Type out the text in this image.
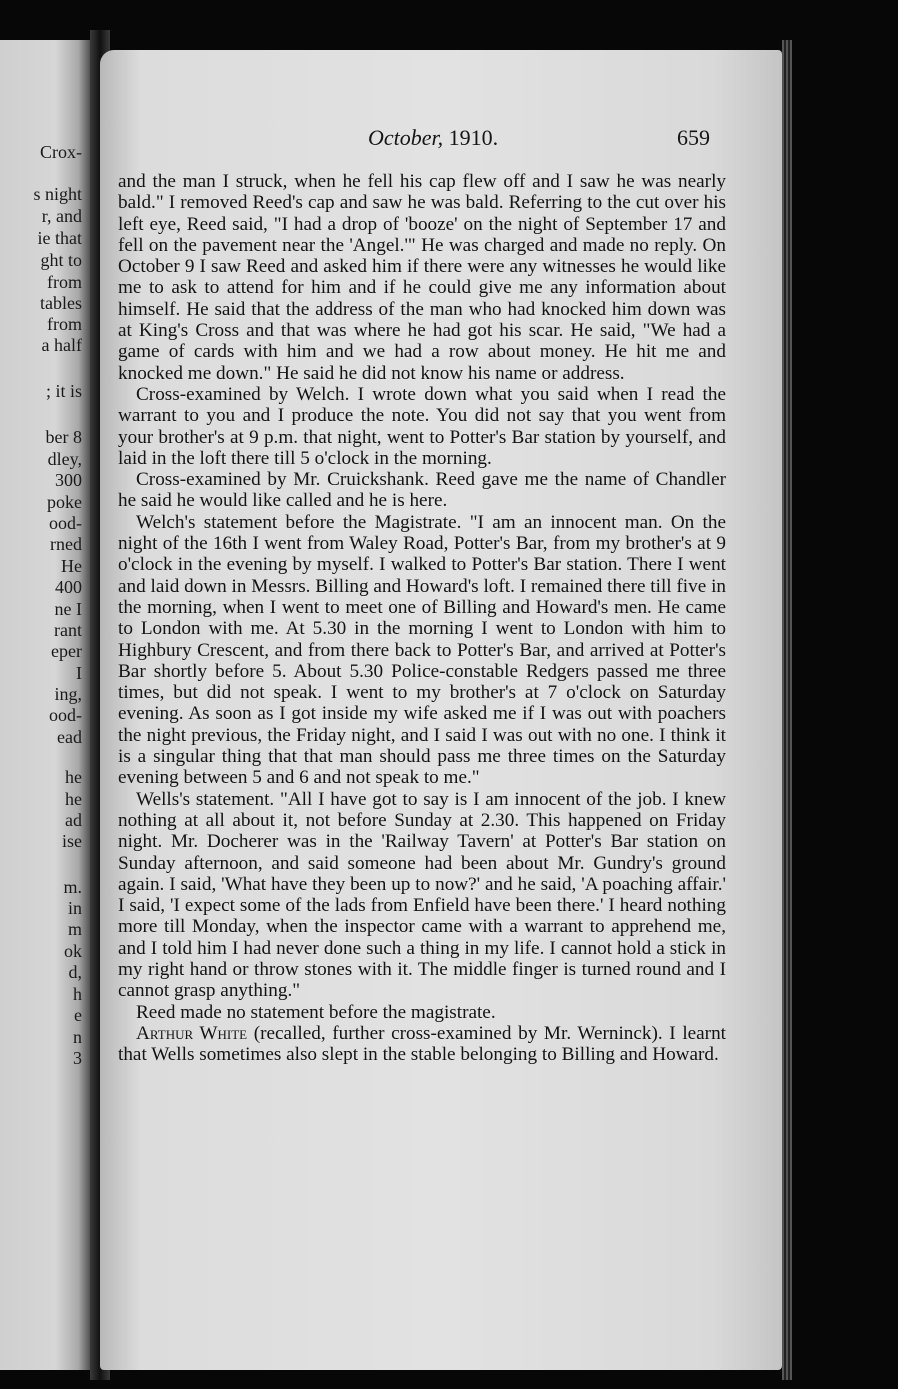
Crox-
s night
r, and
ie that
ght to
from
tables
from
a half
; it is
ber 8
dley,
300
poke
ood-
rned
He
400
ne I
rant
eper
I
ing,
ood-
ead
he
he
ad
ise
m.
in
m
ok
d,
h
e
n
3
October, 1910.	659

and the man I struck, when he fell his cap flew off and I saw he was nearly bald." I removed Reed's cap and saw he was bald. Referring to the cut over his left eye, Reed said, "I had a drop of 'booze' on the night of September 17 and fell on the pavement near the 'Angel.'" He was charged and made no reply. On October 9 I saw Reed and asked him if there were any witnesses he would like me to ask to attend for him and if he could give me any information about himself. He said that the address of the man who had knocked him down was at King's Cross and that was where he had got his scar. He said, "We had a game of cards with him and we had a row about money. He hit me and knocked me down." He said he did not know his name or address.

Cross-examined by Welch. I wrote down what you said when I read the warrant to you and I produce the note. You did not say that you went from your brother's at 9 p.m. that night, went to Potter's Bar station by yourself, and laid in the loft there till 5 o'clock in the morning.

Cross-examined by Mr. Cruickshank. Reed gave me the name of Chandler he said he would like called and he is here.

Welch's statement before the Magistrate. "I am an innocent man. On the night of the 16th I went from Waley Road, Potter's Bar, from my brother's at 9 o'clock in the evening by myself. I walked to Potter's Bar station. There I went and laid down in Messrs. Billing and Howard's loft. I remained there till five in the morning, when I went to meet one of Billing and Howard's men. He came to London with me. At 5.30 in the morning I went to London with him to Highbury Crescent, and from there back to Potter's Bar, and arrived at Potter's Bar shortly before 5. About 5.30 Police-constable Redgers passed me three times, but did not speak. I went to my brother's at 7 o'clock on Saturday evening. As soon as I got inside my wife asked me if I was out with poachers the night previous, the Friday night, and I said I was out with no one. I think it is a singular thing that that man should pass me three times on the Saturday evening between 5 and 6 and not speak to me."

Wells's statement. "All I have got to say is I am innocent of the job. I knew nothing at all about it, not before Sunday at 2.30. This happened on Friday night. Mr. Docherer was in the 'Railway Tavern' at Potter's Bar station on Sunday afternoon, and said someone had been about Mr. Gundry's ground again. I said, 'What have they been up to now?' and he said, 'A poaching affair.' I said, 'I expect some of the lads from Enfield have been there.' I heard nothing more till Monday, when the inspector came with a warrant to apprehend me, and I told him I had never done such a thing in my life. I cannot hold a stick in my right hand or throw stones with it. The middle finger is turned round and I cannot grasp anything."

Reed made no statement before the magistrate.

Arthur White (recalled, further cross-examined by Mr. Werninck). I learnt that Wells sometimes also slept in the stable belonging to Billing and Howard.
